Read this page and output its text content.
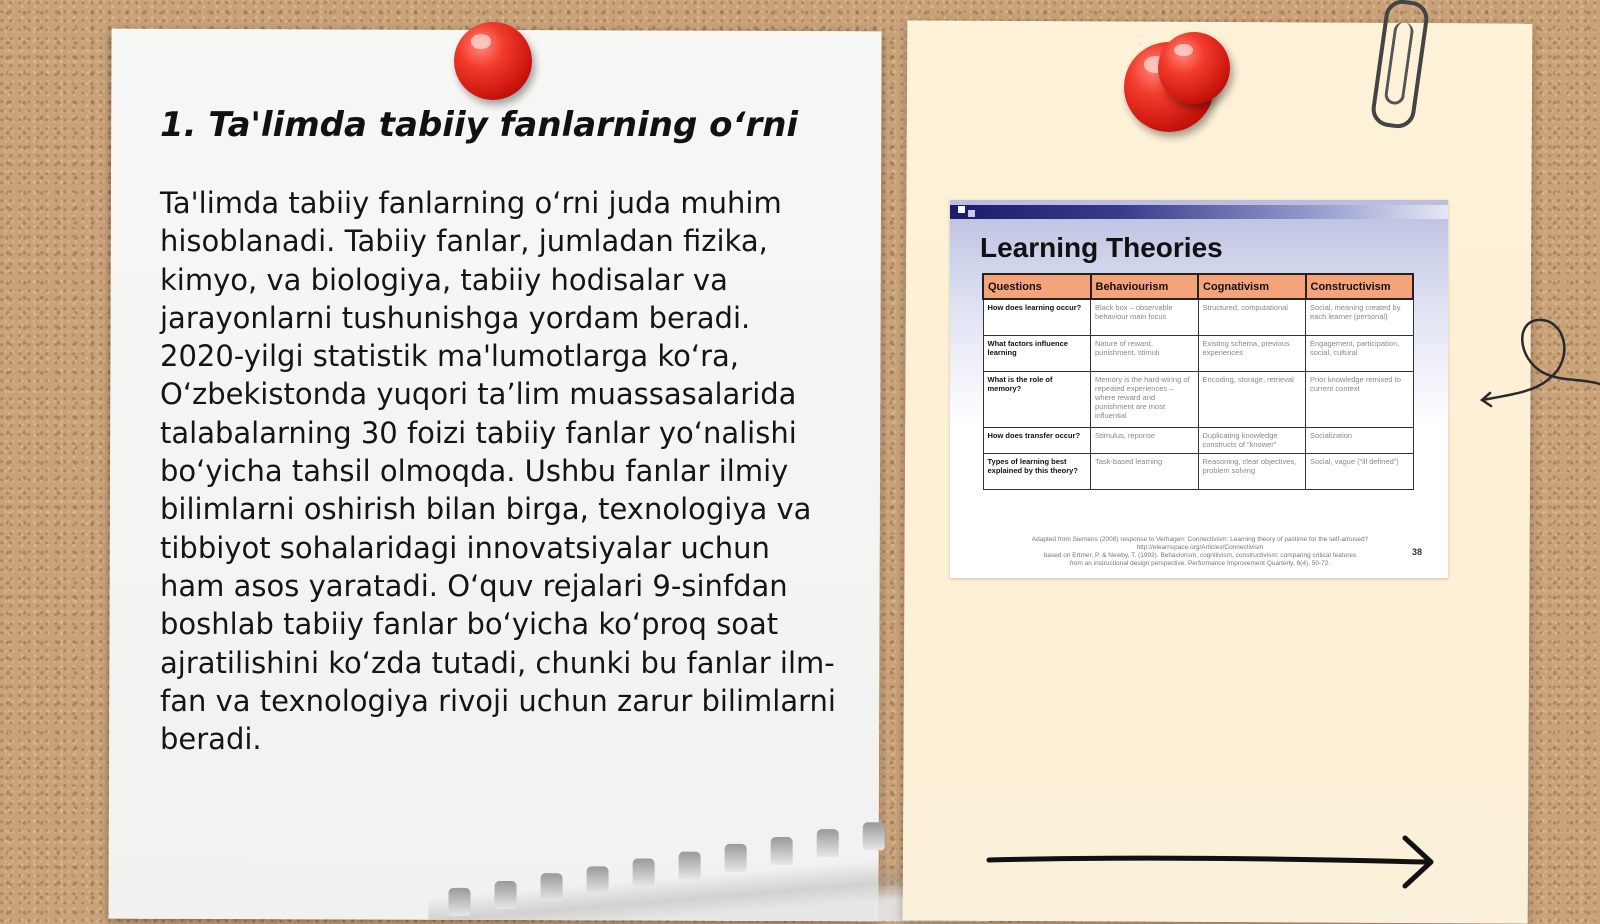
1. Ta'limda tabiiy fanlarning o‘rni

Ta'limda tabiiy fanlarning o‘rni juda muhim hisoblanadi. Tabiiy fanlar, jumladan fizika, kimyo, va biologiya, tabiiy hodisalar va jarayonlarni tushunishga yordam beradi. 2020-yilgi statistik ma'lumotlarga ko‘ra, O‘zbekistonda yuqori ta’lim muassasalarida talabalarning 30 foizi tabiiy fanlar yo‘nalishi bo‘yicha tahsil olmoqda. Ushbu fanlar ilmiy bilimlarni oshirish bilan birga, texnologiya va tibbiyot sohalaridagi innovatsiyalar uchun ham asos yaratadi. O‘quv rejalari 9-sinfdan boshlab tabiiy fanlar bo‘yicha ko‘proq soat ajratilishini ko‘zda tutadi, chunki bu fanlar ilm-fan va texnologiya rivoji uchun zarur bilimlarni beradi.

Learning Theories
Questions	Behaviourism	Cognativism	Constructivism
How does learning occur?	Black box – observable behaviour main focus	Structured, computational	Social, meaning created by each learner (personal)
What factors influence learning	Nature of reward, punishment, stimuli	Existing schema, previous experiences	Engagement, participation, social, cultural
What is the role of memory?	Memory is the hard-wiring of repeated experiences – where reward and punishment are most influential	Encoding, storage, retrieval	Prior knowledge remixed to current context
How does transfer occur?	Stimulus, reponse	Duplicating knowledge constructs of “knower”	Socialization
Types of learning best explained by this theory?	Task-based learning	Reasoning, clear objectives, problem solving	Social, vague (“ill defined”)
Adapted from Siemens (2008) response to Verhagen: Connectivism: Learning theory of pastime for the self-amused?
http://elearnspace.org/Articles/Connectivism
based on Ertmer, P. & Newby, T. (1993). Behaviorism, cognitivism, constructivism: comparing critical features
from an instructional design perspective. Performance Improvement Quarterly, 6(4), 50-72.
38
